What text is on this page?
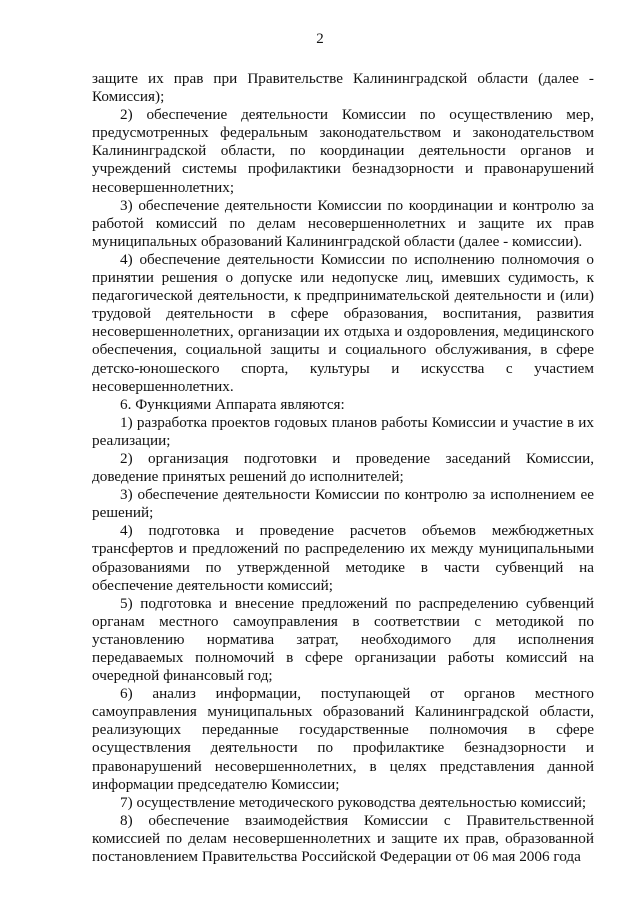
2

защите их прав при Правительстве Калининградской области (далее - Комиссия);

2) обеспечение деятельности Комиссии по осуществлению мер, предусмотренных федеральным законодательством и законодательством Калининградской области, по координации деятельности органов и учреждений системы профилактики безнадзорности и правонарушений несовершеннолетних;

3) обеспечение деятельности Комиссии по координации и контролю за работой комиссий по делам несовершеннолетних и защите их прав муниципальных образований Калининградской области (далее - комиссии).

4) обеспечение деятельности Комиссии по исполнению полномочия о принятии решения о допуске или недопуске лиц, имевших судимость, к педагогической деятельности, к предпринимательской деятельности и (или) трудовой деятельности в сфере образования, воспитания, развития несовершеннолетних, организации их отдыха и оздоровления, медицинского обеспечения, социальной защиты и социального обслуживания, в сфере детско-юношеского спорта, культуры и искусства с участием несовершеннолетних.

6. Функциями Аппарата являются:

1) разработка проектов годовых планов работы Комиссии и участие в их реализации;

2) организация подготовки и проведение заседаний Комиссии, доведение принятых решений до исполнителей;

3) обеспечение деятельности Комиссии по контролю за исполнением ее решений;

4) подготовка и проведение расчетов объемов межбюджетных трансфертов и предложений по распределению их между муниципальными образованиями по утвержденной методике в части субвенций на обеспечение деятельности комиссий;

5) подготовка и внесение предложений по распределению субвенций органам местного самоуправления в соответствии с методикой по установлению норматива затрат, необходимого для исполнения передаваемых полномочий в сфере организации работы комиссий на очередной финансовый год;

6) анализ информации, поступающей от органов местного самоуправления муниципальных образований Калининградской области, реализующих переданные государственные полномочия в сфере осуществления деятельности по профилактике безнадзорности и правонарушений несовершеннолетних, в целях представления данной информации председателю Комиссии;

7) осуществление методического руководства деятельностью комиссий;

8) обеспечение взаимодействия Комиссии с Правительственной комиссией по делам несовершеннолетних и защите их прав, образованной постановлением Правительства Российской Федерации от 06 мая 2006 года
